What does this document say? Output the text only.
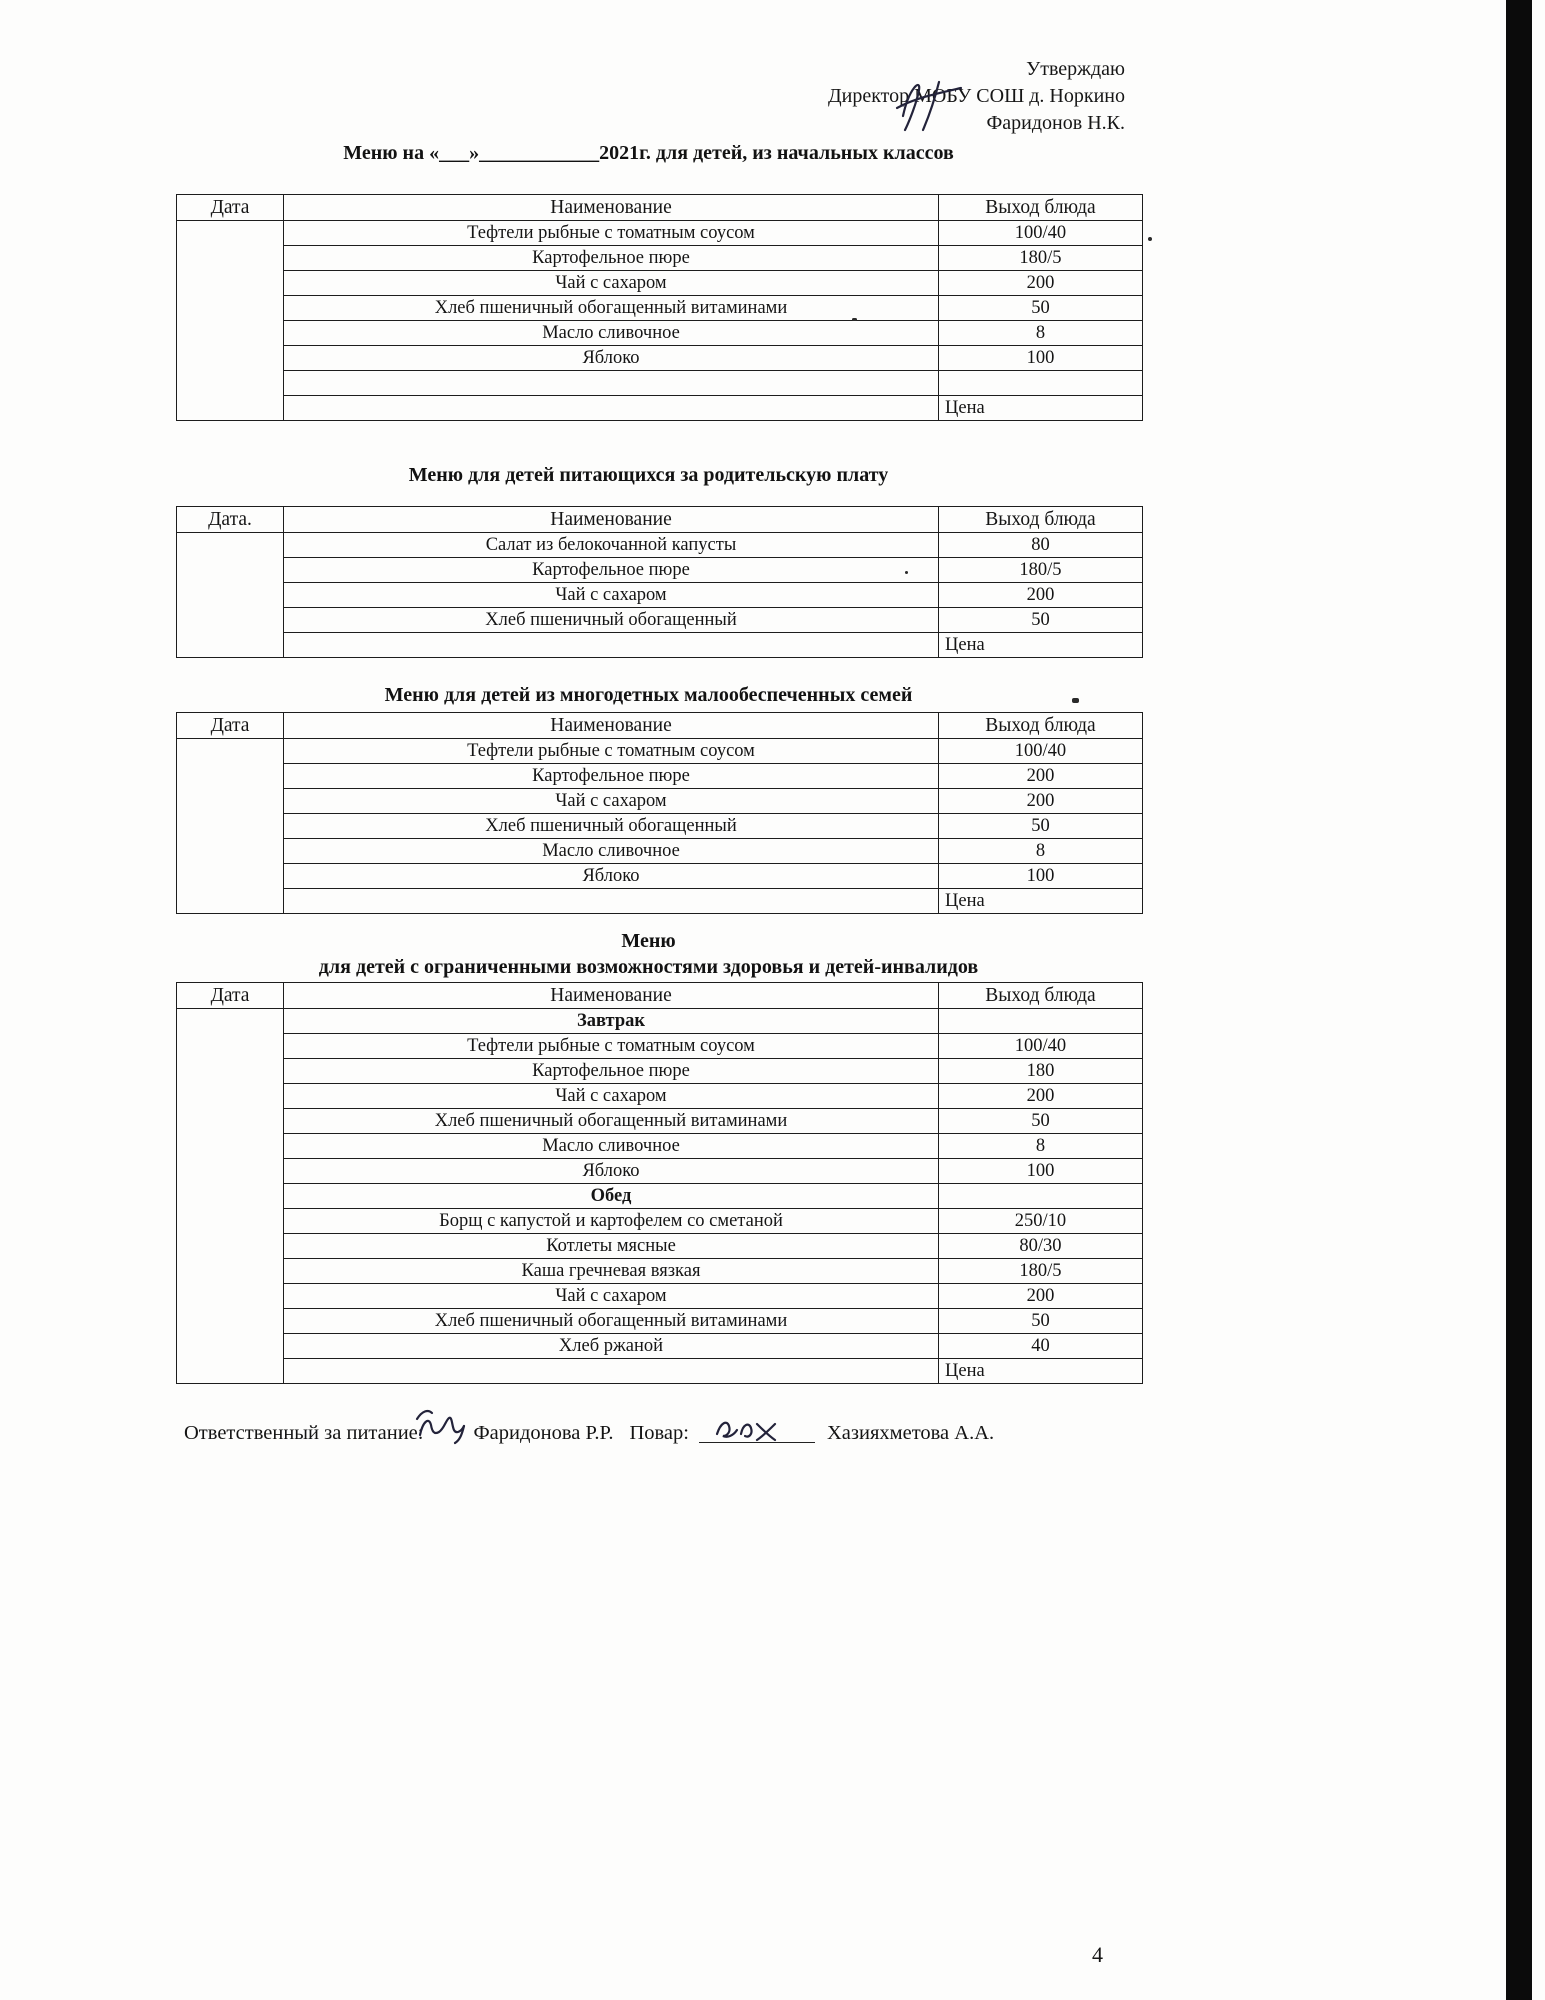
Утверждаю
Директор МОБУ СОШ д. Норкино
Фаридонов Н.К.
Меню на «___»____________2021г. для детей, из начальных классов
Дата	Наименование	Выход блюда
	Тефтели рыбные с томатным соусом	100/40
	Картофельное пюре	180/5
	Чай с сахаром	200
	Хлеб пшеничный обогащенный витаминами	50
	Масло сливочное	8
	Яблоко	100

		Цена
Меню для детей питающихся за родительскую плату
Дата.	Наименование	Выход блюда
	Салат из белокочанной капусты	80
	Картофельное пюре	180/5
	Чай с сахаром	200
	Хлеб пшеничный обогащенный	50
		Цена
Меню для детей из многодетных малообеспеченных семей
Дата	Наименование	Выход блюда
	Тефтели рыбные с томатным соусом	100/40
	Картофельное пюре	200
	Чай с сахаром	200
	Хлеб пшеничный обогащенный	50
	Масло сливочное	8
	Яблоко	100
		Цена
Меню
для детей с ограниченными возможностями здоровья и детей-инвалидов
Дата	Наименование	Выход блюда
	Завтрак	
	Тефтели рыбные с томатным соусом	100/40
	Картофельное пюре	180
	Чай с сахаром	200
	Хлеб пшеничный обогащенный витаминами	50
	Масло сливочное	8
	Яблоко	100
	Обед	
	Борщ с капустой и картофелем со сметаной	250/10
	Котлеты мясные	80/30
	Каша гречневая вязкая	180/5
	Чай с сахаром	200
	Хлеб пшеничный обогащенный витаминами	50
	Хлеб ржаной	40
		Цена
Ответственный за питание: Фаридонова Р.Р. Повар:	Хазияхметова А.А.
4
